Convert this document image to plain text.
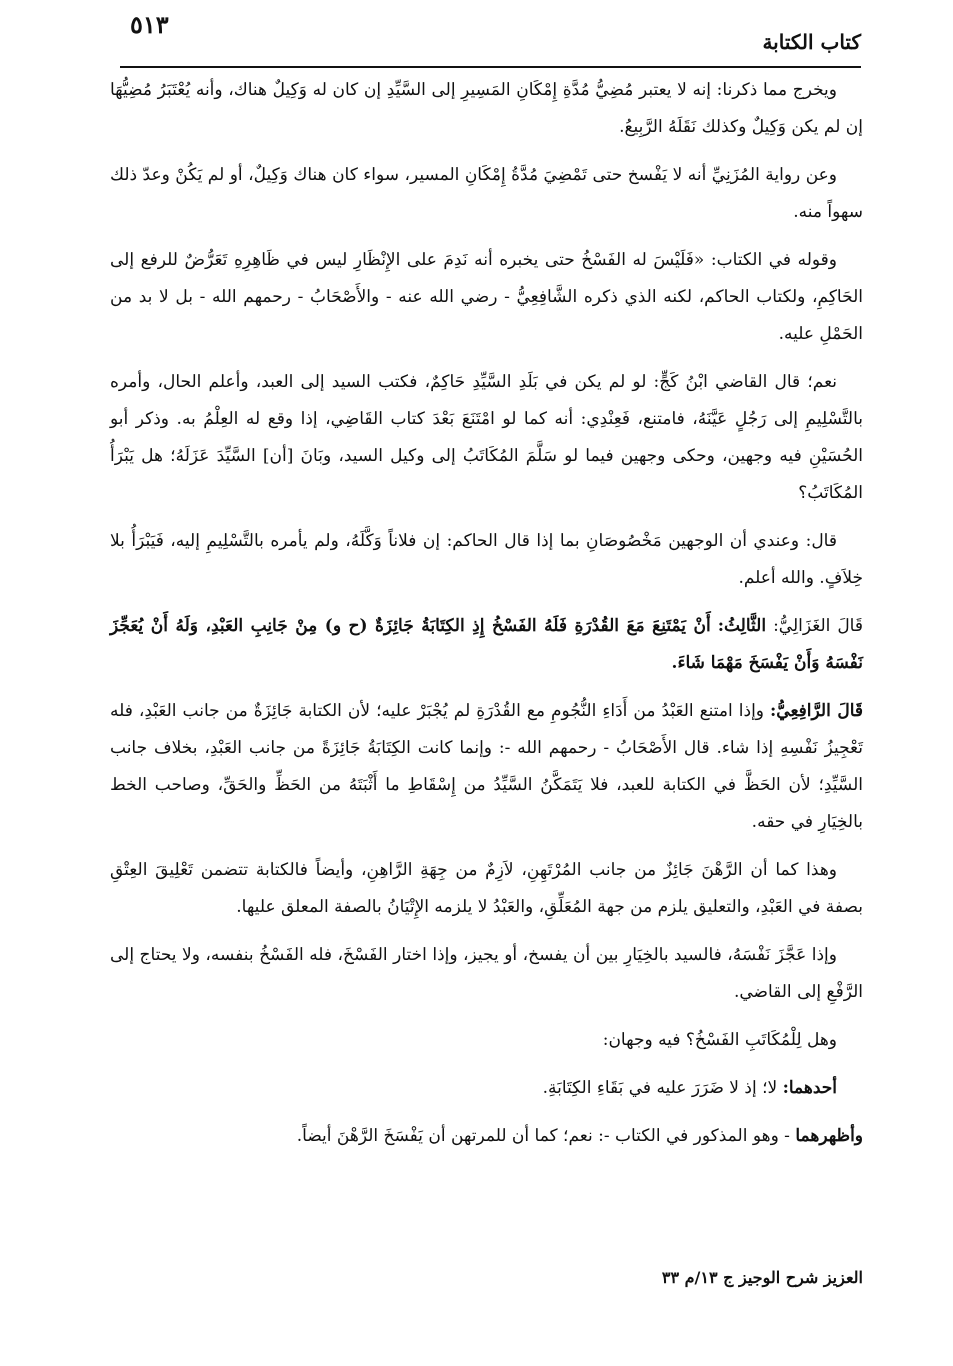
٥١٣
كتاب الكتابة

ويخرج مما ذكرنا: إنه لا يعتبر مُضِيُّ مُدَّةِ إِمْكَانِ المَسِيرِ إلى السَّيِّدِ إن كان له وَكِيلٌ هناك، وأنه يُعْتَبَرُ مُضِيُّهَا إن لم يكن وَكِيلٌ وكذلك نَقَلَهُ الرَّبِيعُ.

وعن رواية المُزَنِيِّ أنه لا يَفْسخ حتى تَمْضِيَ مُدَّةُ إِمْكَانِ المسير، سواء كان هناك وَكِيلٌ، أو لم يَكُنْ وعدّ ذلك سهواً منه.

وقوله في الكتاب: «فَلَيْسَ له الفَسْخُ حتى يخبره أنه نَدِمَ على الإِنْظَارِ ليس في ظَاهِرِهِ تَعَرُّضٌ للرفع إلى الحَاكِمِ، ولكتاب الحاكم، لكنه الذي ذكره الشَّافِعِيُّ - رضي الله عنه - والأَصْحَابُ - رحمهم الله - بل لا بد من الحَمْلِ عليه.

نعم؛ قال القاضي ابْنُ كَجٍّ: لو لم يكن في بَلَدِ السَّيِّدِ حَاكِمٌ، فكتب السيد إلى العبد، وأعلم الحال، وأمره بالتَّسْلِيمِ إلى رَجُلٍ عَيَّنَهُ، فامتنع، فَعِنْدِي: أنه كما لو امْتَنَعَ بَعْدَ كتاب القَاضِي، إذا وقع له العِلْمُ به. وذكر أبو الحُسَيْنِ فيه وجهين، وحكى وجهين فيما لو سَلَّمَ المُكَاتَبُ إلى وكيل السيد، وبَانَ [أن] السَّيِّدَ عَزَلَهُ؛ هل يَبْرَأُ المُكَاتَبُ؟

قال: وعندي أن الوجهين مَخْصُوصَانِ بما إذا قال الحاكم: إن فلاناً وَكَّلَهُ، ولم يأمره بالتَّسْلِيمِ إليه، فَيَبْرَأُ بلا خِلاَفٍ. والله أعلم.

قَالَ الغَزَالِيُّ: الثَّالِثُ: أَنْ يَمْتَنِعَ مَعَ القُدْرَةِ فَلَهُ الفَسْخُ إِذِ الكِتَابَةُ جَائِزَةٌ (ح و) مِنْ جَانِبِ العَبْدِ، وَلَهُ أَنْ يُعَجِّزَ نَفْسَهُ وَأَنْ يَفْسَخَ مَهْمَا شَاءَ.

قَالَ الرَّافِعِيُّ: وإذا امتنع العَبْدُ من أَدَاءِ النُّجُومِ مع القُدْرَةِ لم يُجْبَرْ عليه؛ لأن الكتابة جَائِزَةٌ من جانب العَبْدِ، فله تَعْجِيزُ نَفْسِهِ إذا شاء. قال الأَصْحَابُ - رحمهم الله -: وإنما كانت الكِتَابَةُ جَائِزَةً من جانب العَبْدِ، بخلاف جانب السَّيِّدِ؛ لأن الحَظَّ في الكتابة للعبد، فلا يَتَمَكَّنُ السَّيِّدُ من إِسْقَاطِ ما أَثْبَتَهُ من الحَظِّ والحَقِّ، وصاحب الخط بالخِيَارِ في حقه.

وهذا كما أن الرَّهْنَ جَائِزٌ من جانب المُرْتَهِنِ، لاَزِمٌ من جِهَةِ الرَّاهِنِ، وأيضاً فالكتابة تتضمن تَعْلِيقَ العِتْقِ بصفة في العَبْدِ، والتعليق يلزم من جهة المُعَلِّقِ، والعَبْدُ لا يلزمه الإِتْيَانُ بالصفة المعلق عليها.

وإذا عَجَّزَ نَفْسَهُ، فالسيد بالخِيَارِ بين أن يفسخ، أو يجيز، وإذا اختار الفَسْخَ، فله الفَسْخُ بنفسه، ولا يحتاج إلى الرَّفْعِ إلى القاضي.

وهل لِلْمُكَاتَبِ الفَسْخُ؟ فيه وجهان:

أحدهما: لا؛ إذ لا ضَرَرَ عليه في بَقَاءِ الكِتَابَةِ.

وأظهرهما - وهو المذكور في الكتاب -: نعم؛ كما أن للمرتهن أن يَفْسَخَ الرَّهْنَ أيضاً.

العزيز شرح الوجيز ج ١٣/م ٣٣
